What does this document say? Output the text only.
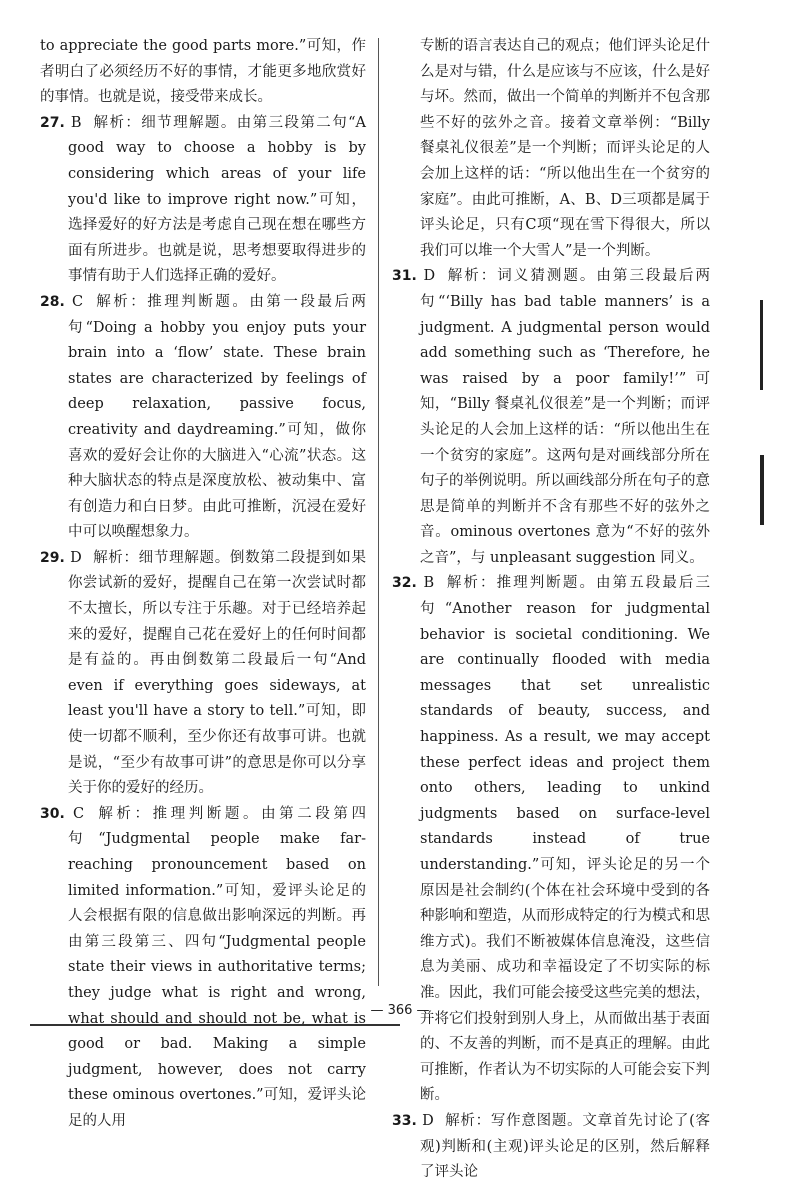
to appreciate the good parts more.”可知，作者明白了必须经历不好的事情，才能更多地欣赏好的事情。也就是说，接受带来成长。

27. B 解析：细节理解题。由第三段第二句“A good way to choose a hobby is by considering which areas of your life you'd like to improve right now.”可知，选择爱好的好方法是考虑自己现在想在哪些方面有所进步。也就是说，思考想要取得进步的事情有助于人们选择正确的爱好。

28. C 解析：推理判断题。由第一段最后两句“Doing a hobby you enjoy puts your brain into a ‘flow’ state. These brain states are characterized by feelings of deep relaxation, passive focus, creativity and daydreaming.”可知，做你喜欢的爱好会让你的大脑进入“心流”状态。这种大脑状态的特点是深度放松、被动集中、富有创造力和白日梦。由此可推断，沉浸在爱好中可以唤醒想象力。

29. D 解析：细节理解题。倒数第二段提到如果你尝试新的爱好，提醒自己在第一次尝试时都不太擅长，所以专注于乐趣。对于已经培养起来的爱好，提醒自己花在爱好上的任何时间都是有益的。再由倒数第二段最后一句“And even if everything goes sideways, at least you'll have a story to tell.”可知，即使一切都不顺利，至少你还有故事可讲。也就是说，“至少有故事可讲”的意思是你可以分享关于你的爱好的经历。

30. C 解析：推理判断题。由第二段第四句“Judgmental people make far-reaching pronouncement based on limited information.”可知，爱评头论足的人会根据有限的信息做出影响深远的判断。再由第三段第三、四句“Judgmental people state their views in authoritative terms; they judge what is right and wrong, what should and should not be, what is good or bad. Making a simple judgment, however, does not carry these ominous overtones.”可知，爱评头论足的人用

专断的语言表达自己的观点；他们评头论足什么是对与错，什么是应该与不应该，什么是好与坏。然而，做出一个简单的判断并不包含那些不好的弦外之音。接着文章举例：“Billy 餐桌礼仪很差”是一个判断；而评头论足的人会加上这样的话：“所以他出生在一个贫穷的家庭”。由此可推断，A、B、D三项都是属于评头论足，只有C项“现在雪下得很大，所以我们可以堆一个大雪人”是一个判断。

31. D 解析：词义猜测题。由第三段最后两句“‘Billy has bad table manners’ is a judgment. A judgmental person would add something such as ‘Therefore, he was raised by a poor family!’”可知，“Billy 餐桌礼仪很差”是一个判断；而评头论足的人会加上这样的话：“所以他出生在一个贫穷的家庭”。这两句是对画线部分所在句子的举例说明。所以画线部分所在句子的意思是简单的判断并不含有那些不好的弦外之音。ominous overtones 意为“不好的弦外之音”，与 unpleasant suggestion 同义。

32. B 解析：推理判断题。由第五段最后三句“Another reason for judgmental behavior is societal conditioning. We are continually flooded with media messages that set unrealistic standards of beauty, success, and happiness. As a result, we may accept these perfect ideas and project them onto others, leading to unkind judgments based on surface-level standards instead of true understanding.”可知，评头论足的另一个原因是社会制约(个体在社会环境中受到的各种影响和塑造，从而形成特定的行为模式和思维方式)。我们不断被媒体信息淹没，这些信息为美丽、成功和幸福设定了不切实际的标准。因此，我们可能会接受这些完美的想法，并将它们投射到别人身上，从而做出基于表面的、不友善的判断，而不是真正的理解。由此可推断，作者认为不切实际的人可能会妄下判断。

33. D 解析：写作意图题。文章首先讨论了(客观)判断和(主观)评头论足的区别，然后解释了评头论

— 366 —
